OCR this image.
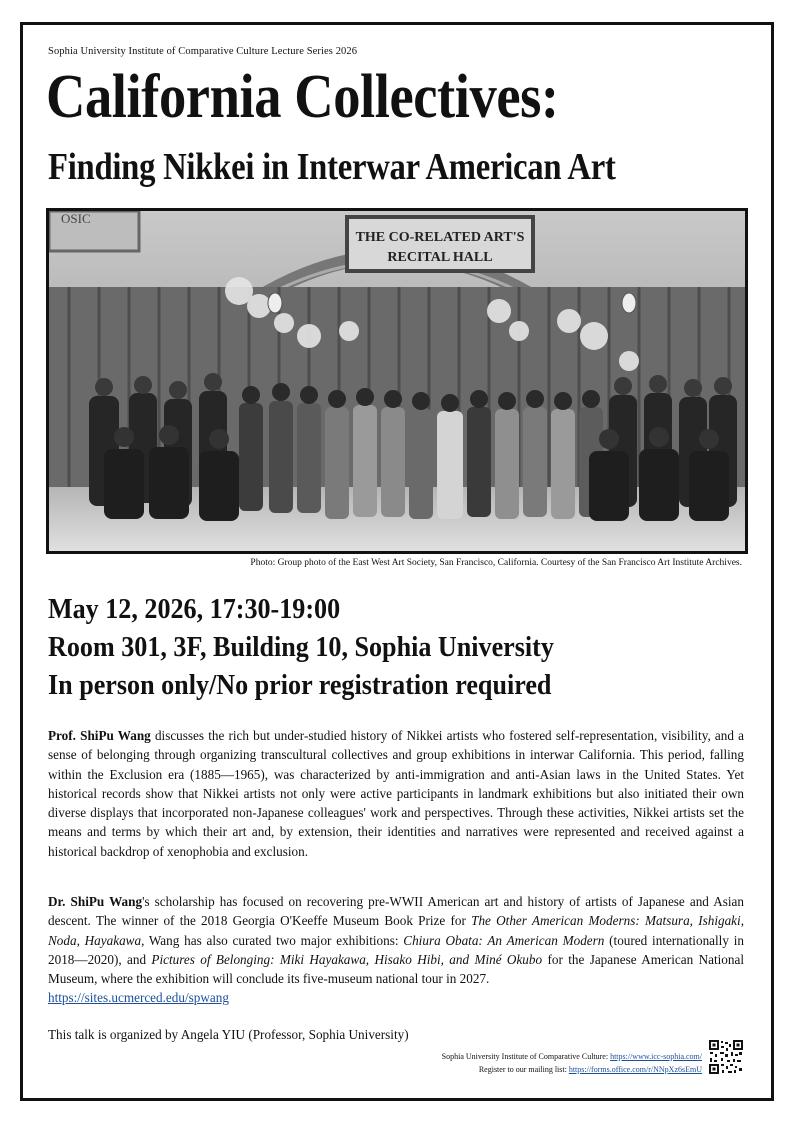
Sophia University Institute of Comparative Culture Lecture Series 2026
California Collectives:
Finding Nikkei in Interwar American Art
OSIC
THE CO-RELATED ART'S
RECITAL HALL
Photo: Group photo of the East West Art Society, San Francisco, California. Courtesy of the San Francisco Art Institute Archives.
May 12, 2026, 17:30-19:00
Room 301, 3F, Building 10, Sophia University
In person only/No prior registration required
Prof. ShiPu Wang discusses the rich but under-studied history of Nikkei artists who fostered self-representation, visibility, and a sense of belonging through organizing transcultural collectives and group exhibitions in interwar California. This period, falling within the Exclusion era (1885—1965), was characterized by anti-immigration and anti-Asian laws in the United States. Yet historical records show that Nikkei artists not only were active participants in landmark exhibitions but also initiated their own diverse displays that incorporated non-Japanese colleagues' work and perspectives. Through these activities, Nikkei artists set the means and terms by which their art and, by extension, their identities and narratives were represented and received against a historical backdrop of xenophobia and exclusion.
Dr. ShiPu Wang's scholarship has focused on recovering pre-WWII American art and history of artists of Japanese and Asian descent. The winner of the 2018 Georgia O'Keeffe Museum Book Prize for The Other American Moderns: Matsura, Ishigaki, Noda, Hayakawa, Wang has also curated two major exhibitions: Chiura Obata: An American Modern (toured internationally in 2018—2020), and Pictures of Belonging: Miki Hayakawa, Hisako Hibi, and Miné Okubo for the Japanese American National Museum, where the exhibition will conclude its five-museum national tour in 2027.
https://sites.ucmerced.edu/spwang
This talk is organized by Angela YIU (Professor, Sophia University)
Sophia University Institute of Comparative Culture: https://www.icc-sophia.com/
Register to our mailing list: https://forms.office.com/r/NNpXz6sEmU
